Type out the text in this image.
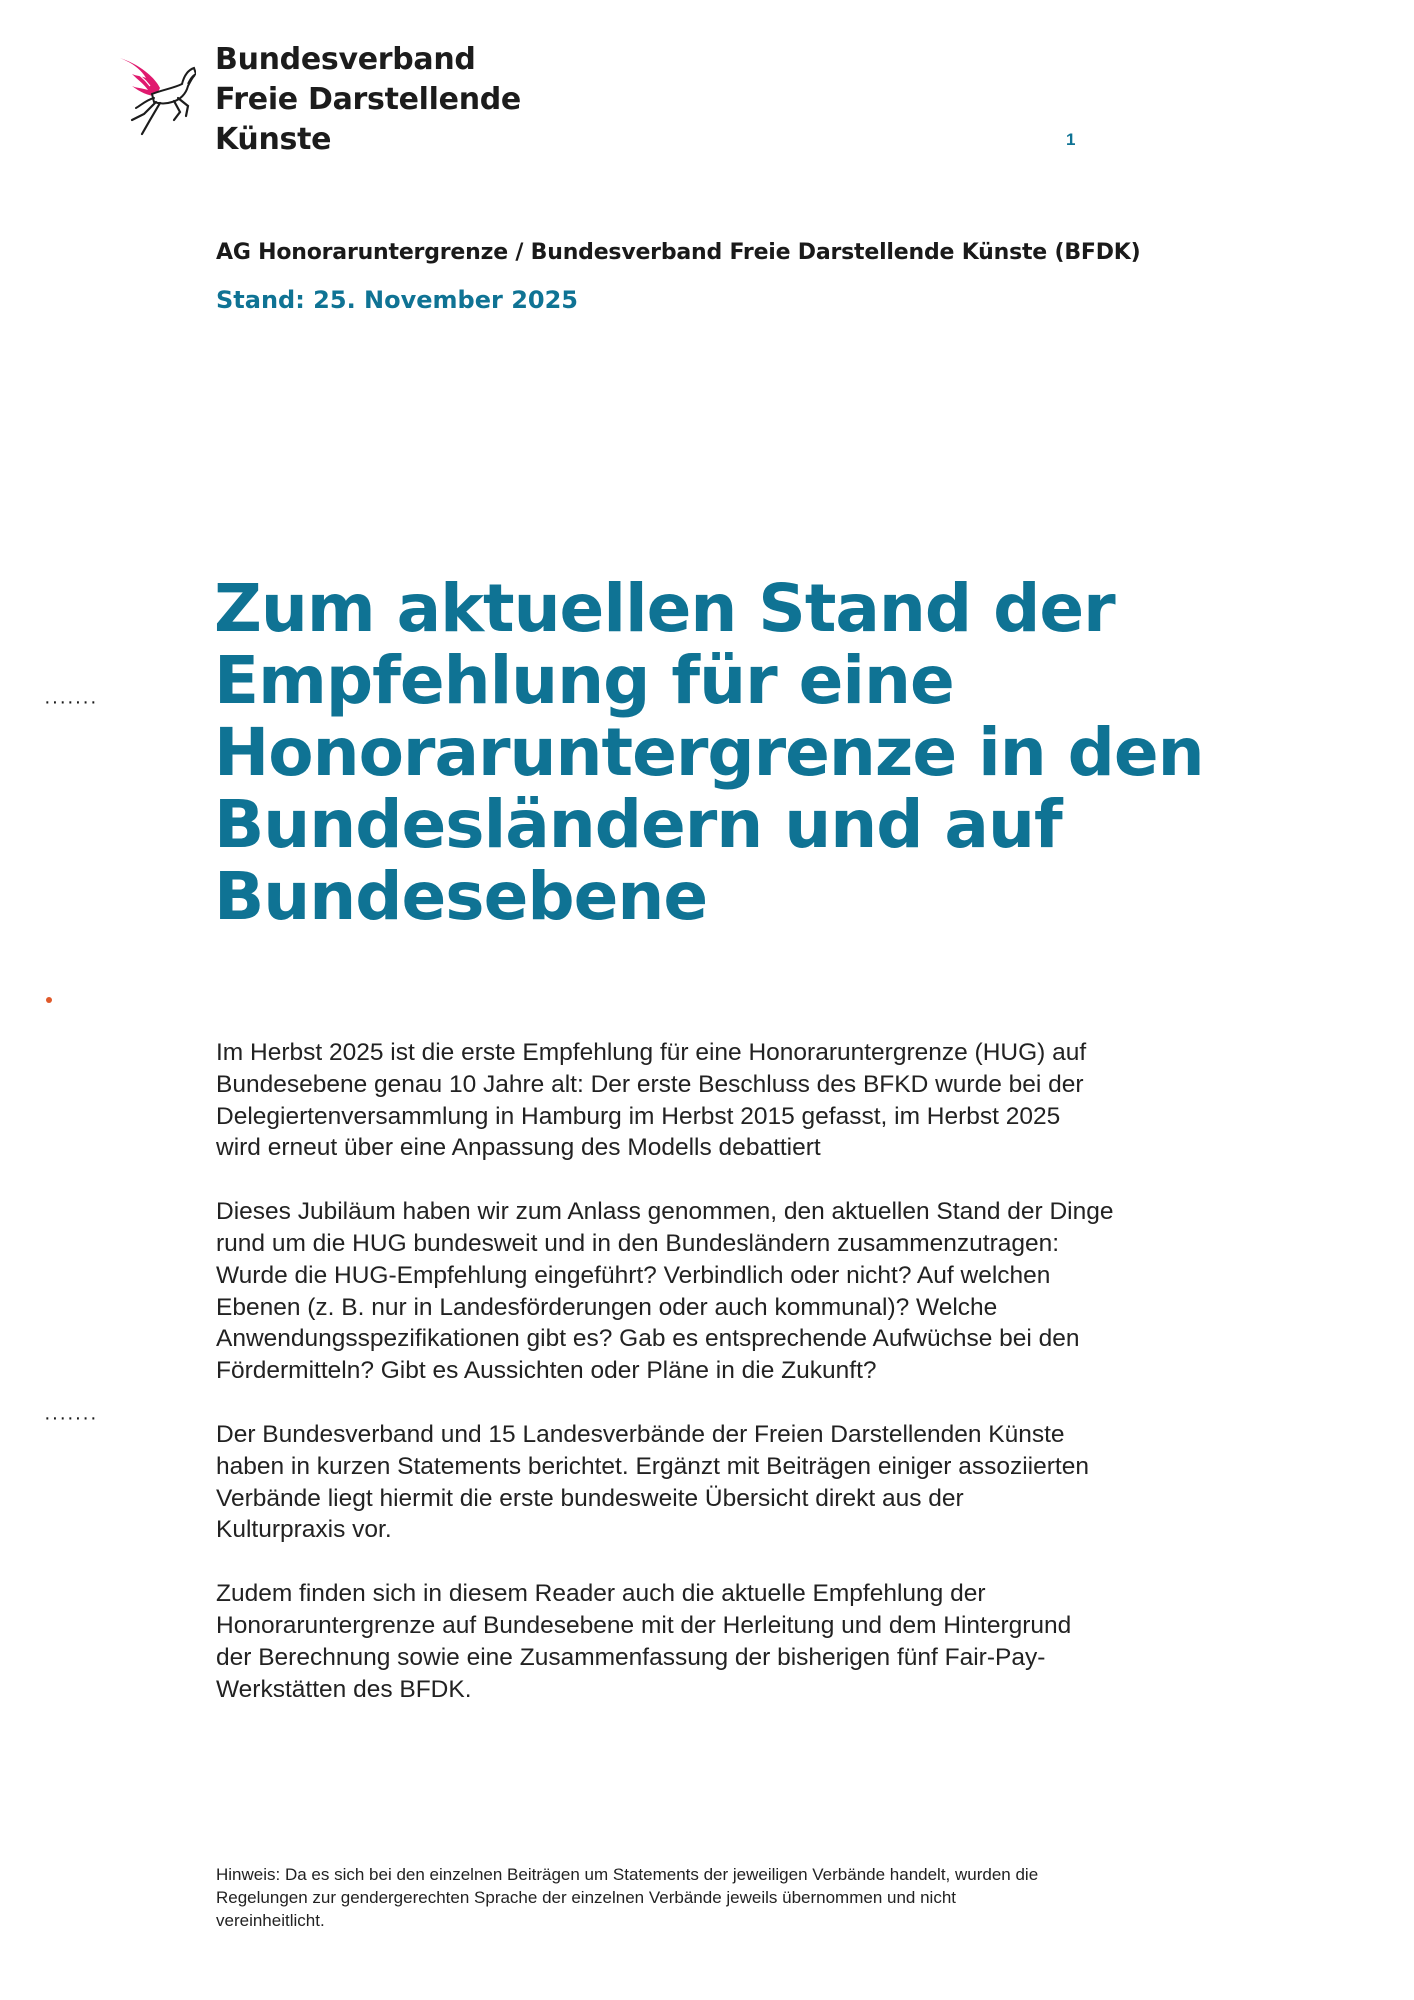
Bundesverband
Freie Darstellende
Künste	1
AG Honoraruntergrenze / Bundesverband Freie Darstellende Künste (BFDK)
Stand: 25. November 2025
Zum aktuellen Stand der
Empfehlung für eine
Honoraruntergrenze in den
Bundesländern und auf
Bundesebene
·······
·······

Im Herbst 2025 ist die erste Empfehlung für eine Honoraruntergrenze (HUG) auf
Bundesebene genau 10 Jahre alt: Der erste Beschluss des BFKD wurde bei der
Delegiertenversammlung in Hamburg im Herbst 2015 gefasst, im Herbst 2025
wird erneut über eine Anpassung des Modells debattiert

Dieses Jubiläum haben wir zum Anlass genommen, den aktuellen Stand der Dinge
rund um die HUG bundesweit und in den Bundesländern zusammenzutragen:
Wurde die HUG-Empfehlung eingeführt? Verbindlich oder nicht? Auf welchen
Ebenen (z. B. nur in Landesförderungen oder auch kommunal)? Welche
Anwendungsspezifikationen gibt es? Gab es entsprechende Aufwüchse bei den
Fördermitteln? Gibt es Aussichten oder Pläne in die Zukunft?

Der Bundesverband und 15 Landesverbände der Freien Darstellenden Künste
haben in kurzen Statements berichtet. Ergänzt mit Beiträgen einiger assoziierten
Verbände liegt hiermit die erste bundesweite Übersicht direkt aus der
Kulturpraxis vor.

Zudem finden sich in diesem Reader auch die aktuelle Empfehlung der
Honoraruntergrenze auf Bundesebene mit der Herleitung und dem Hintergrund
der Berechnung sowie eine Zusammenfassung der bisherigen fünf Fair-Pay-
Werkstätten des BFDK.

Hinweis: Da es sich bei den einzelnen Beiträgen um Statements der jeweiligen Verbände handelt, wurden die
Regelungen zur gendergerechten Sprache der einzelnen Verbände jeweils übernommen und nicht
vereinheitlicht.
